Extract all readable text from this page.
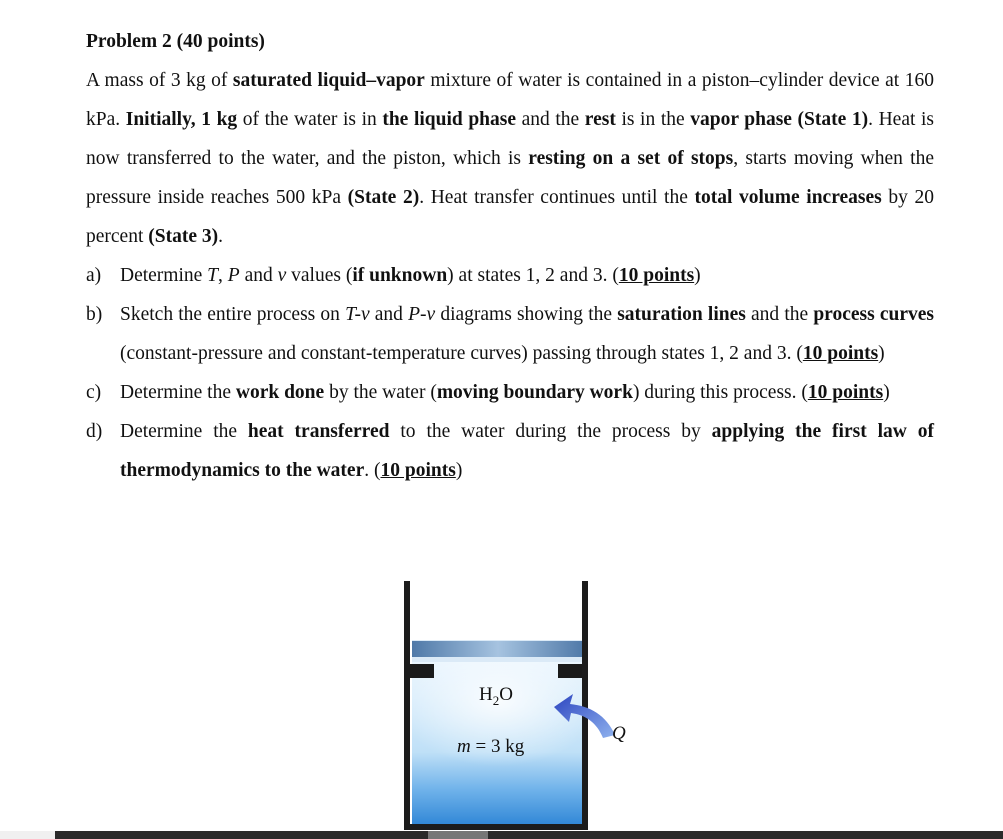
Problem 2 (40 points)
A mass of 3 kg of saturated liquid–vapor mixture of water is contained in a piston–cylinder device at 160 kPa. Initially, 1 kg of the water is in the liquid phase and the rest is in the vapor phase (State 1). Heat is now transferred to the water, and the piston, which is resting on a set of stops, starts moving when the pressure inside reaches 500 kPa (State 2). Heat transfer continues until the total volume increases by 20 percent (State 3).
a) Determine T, P and v values (if unknown) at states 1, 2 and 3. (10 points)
b) Sketch the entire process on T-v and P-v diagrams showing the saturation lines and the process curves (constant-pressure and constant-temperature curves) passing through states 1, 2 and 3. (10 points)
c) Determine the work done by the water (moving boundary work) during this process. (10 points)
d) Determine the heat transferred to the water during the process by applying the first law of thermodynamics to the water. (10 points)
$H_2O$
m = 3 kg
Q
